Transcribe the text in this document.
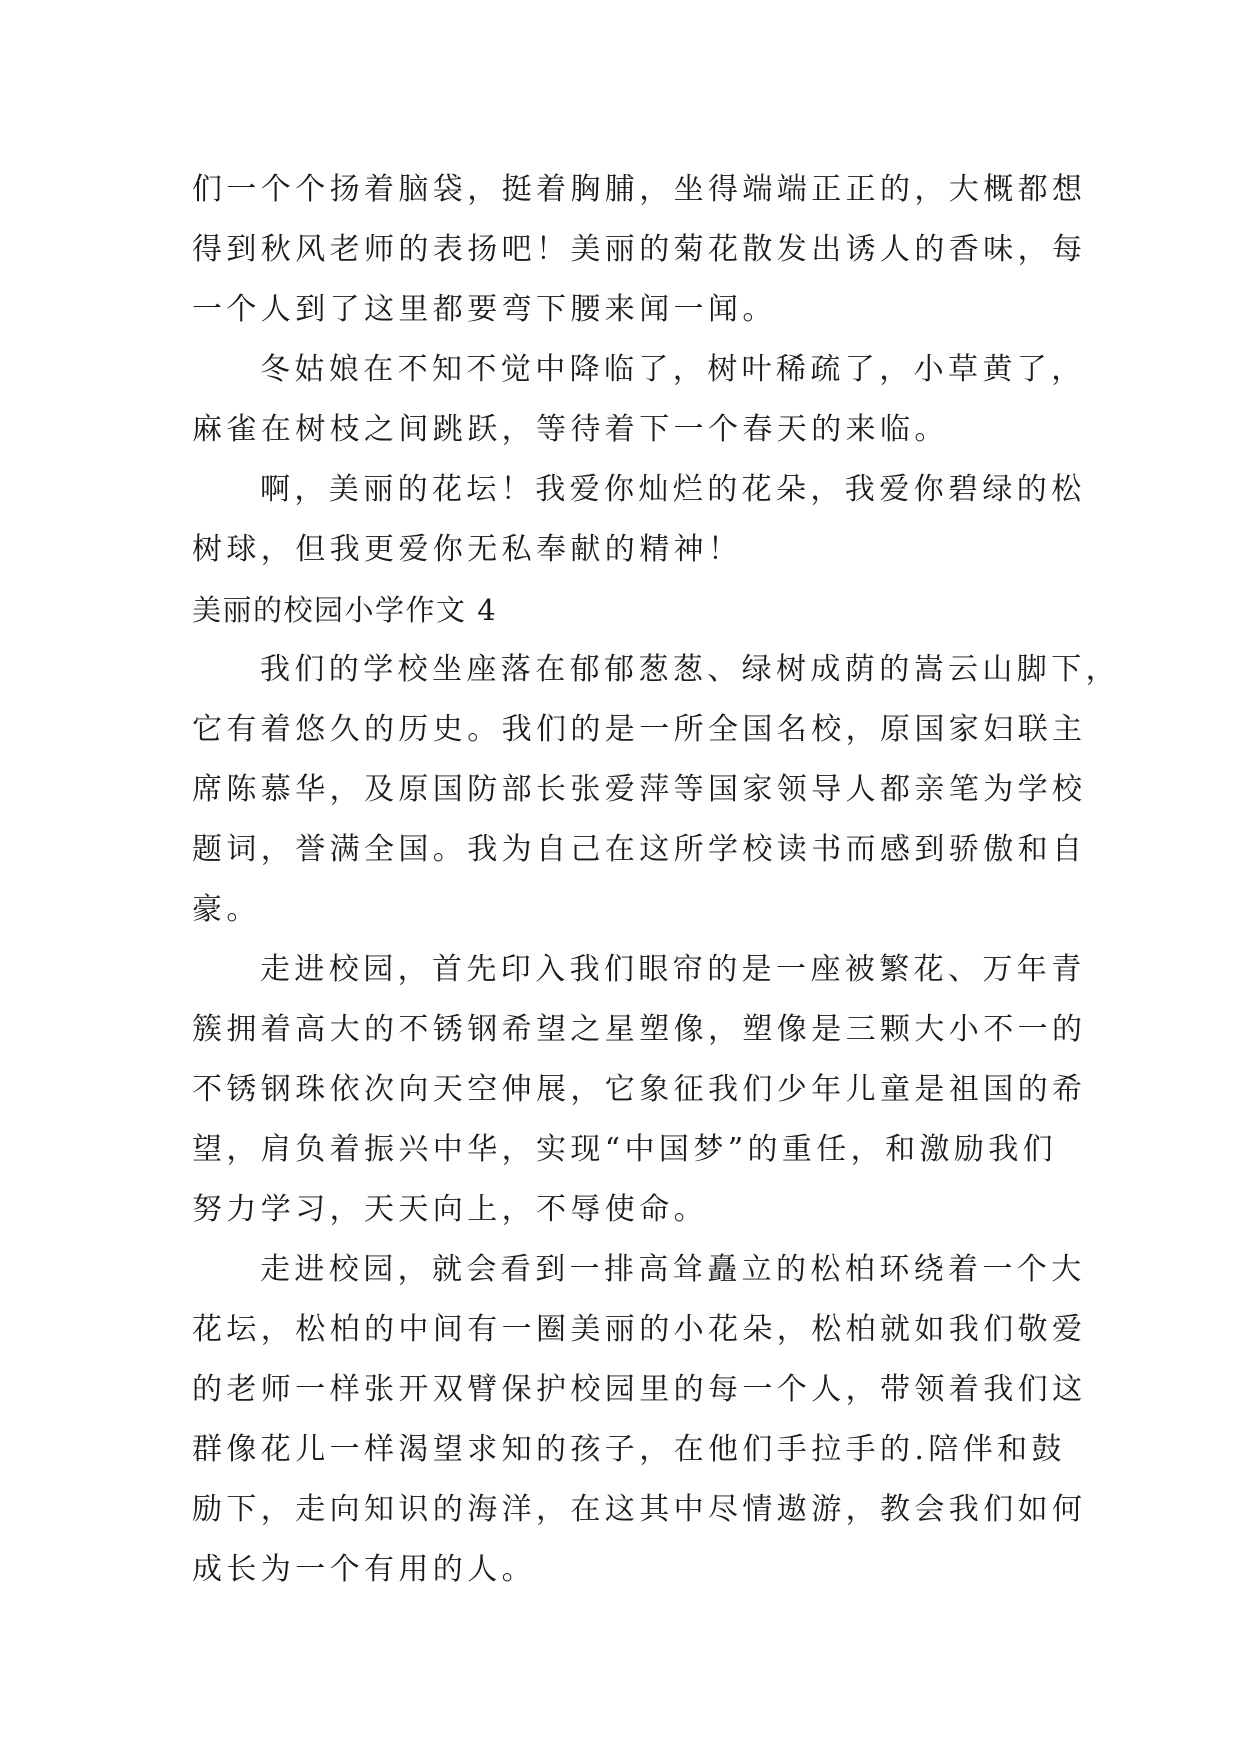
们一个个扬着脑袋，挺着胸脯，坐得端端正正的，大概都想
得到秋风老师的表扬吧！美丽的菊花散发出诱人的香味，每
一个人到了这里都要弯下腰来闻一闻。
冬姑娘在不知不觉中降临了，树叶稀疏了，小草黄了，
麻雀在树枝之间跳跃，等待着下一个春天的来临。
啊，美丽的花坛！我爱你灿烂的花朵，我爱你碧绿的松
树球，但我更爱你无私奉献的精神！
美丽的校园小学作文 4
我们的学校坐座落在郁郁葱葱、绿树成荫的嵩云山脚下，
它有着悠久的历史。我们的是一所全国名校，原国家妇联主
席陈慕华，及原国防部长张爱萍等国家领导人都亲笔为学校
题词，誉满全国。我为自己在这所学校读书而感到骄傲和自
豪。
走进校园，首先印入我们眼帘的是一座被繁花、万年青
簇拥着高大的不锈钢希望之星塑像，塑像是三颗大小不一的
不锈钢珠依次向天空伸展，它象征我们少年儿童是祖国的希
望，肩负着振兴中华，实现“中国梦”的重任，和激励我们
努力学习，天天向上，不辱使命。
走进校园，就会看到一排高耸矗立的松柏环绕着一个大
花坛，松柏的中间有一圈美丽的小花朵，松柏就如我们敬爱
的老师一样张开双臂保护校园里的每一个人，带领着我们这
群像花儿一样渴望求知的孩子，在他们手拉手的.陪伴和鼓
励下，走向知识的海洋，在这其中尽情遨游，教会我们如何
成长为一个有用的人。
